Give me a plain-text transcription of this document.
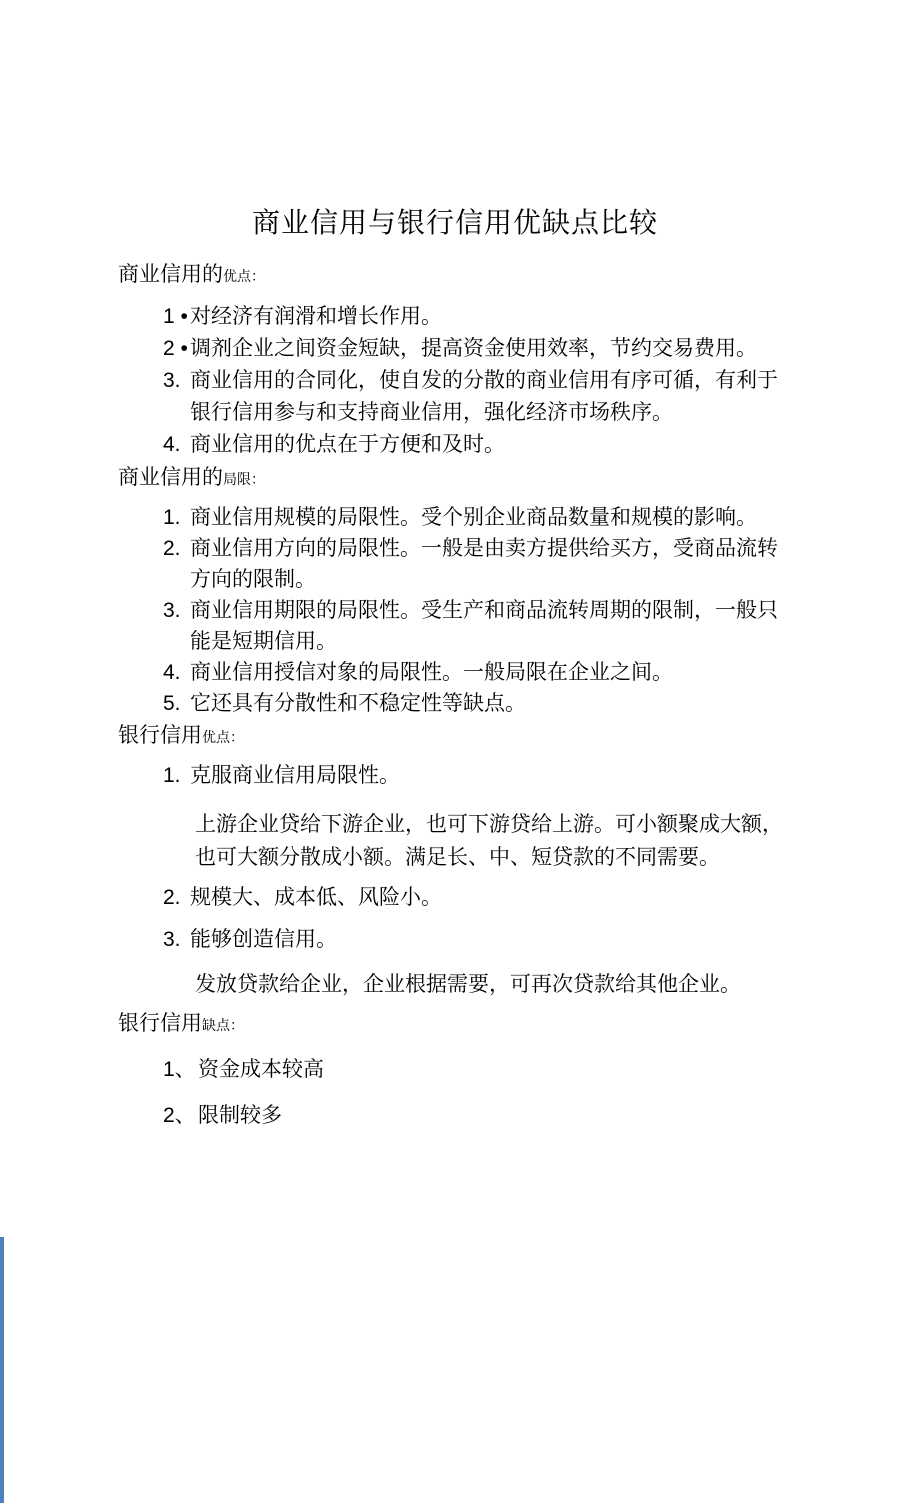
商业信用与银行信用优缺点比较
商业信用的优点：
1 • 对经济有润滑和增长作用。
2 • 调剂企业之间资金短缺，提高资金使用效率，节约交易费用。
3. 商业信用的合同化，使自发的分散的商业信用有序可循，有利于银行信用参与和支持商业信用，强化经济市场秩序。
4. 商业信用的优点在于方便和及时。
商业信用的局限：
1. 商业信用规模的局限性。受个别企业商品数量和规模的影响。
2. 商业信用方向的局限性。一般是由卖方提供给买方，受商品流转方向的限制。
3. 商业信用期限的局限性。受生产和商品流转周期的限制，一般只能是短期信用。
4. 商业信用授信对象的局限性。一般局限在企业之间。
5. 它还具有分散性和不稳定性等缺点。
银行信用优点：
1. 克服商业信用局限性。
上游企业贷给下游企业，也可下游贷给上游。可小额聚成大额，也可大额分散成小额。满足长、中、短贷款的不同需要。
2. 规模大、成本低、风险小。
3. 能够创造信用。
发放贷款给企业，企业根据需要，可再次贷款给其他企业。
银行信用缺点：
1、 资金成本较高
2、 限制较多
